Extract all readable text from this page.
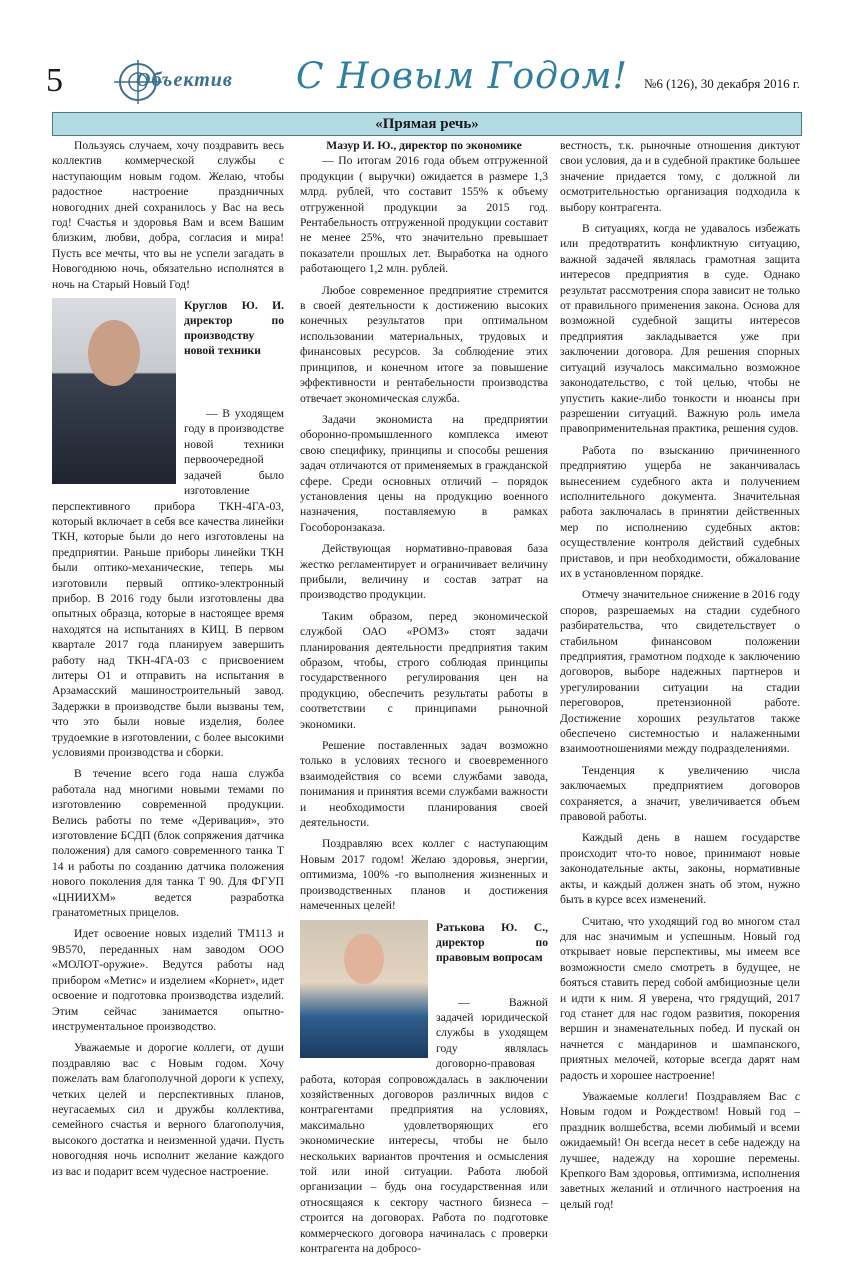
5	Объектив С Новым Годом! №6 (126), 30 декабря 2016 г.
«Прямая речь»

Пользуясь случаем, хочу поздравить весь коллектив коммерческой службы с наступающим новым годом. Желаю, чтобы радостное настроение праздничных новогодних дней сохранилось у Вас на весь год! Счастья и здоровья Вам и всем Вашим близким, любви, добра, согласия и мира! Пусть все мечты, что вы не успели загадать в Новогоднюю ночь, обязательно исполнятся в ночь на Старый Новый Год!

Круглов Ю. И. директор по производству новой техники

— В уходящем году в производстве новой техники первоочередной задачей было изготовление перспективного прибора ТКН-4ГА-03, который включает в себя все качества линейки ТКН, которые были до него изготовлены на предприятии. Раньше приборы линейки ТКН были оптико-механические, теперь мы изготовили первый оптико-электронный прибор. В 2016 году были изготовлены два опытных образца, которые в настоящее время находятся на испытаниях в КИЦ. В первом квартале 2017 года планируем завершить работу над ТКН-4ГА-03 с присвоением литеры О1 и отправить на испытания в Арзамасский машиностроительный завод. Задержки в производстве были вызваны тем, что это были новые изделия, более трудоемкие в изготовлении, с более высокими условиями производства и сборки.

В течение всего года наша служба работала над многими новыми темами по изготовлению современной продукции. Велись работы по теме «Деривация», это изготовление БСДП (блок сопряжения датчика положения) для самого современного танка Т 14 и работы по созданию датчика положения нового поколения для танка Т 90. Для ФГУП «ЦНИИХМ» ведется разработка гранатометных прицелов.

Идет освоение новых изделий ТМ113 и 9В570, переданных нам заводом ООО «МОЛОТ-оружие». Ведутся работы над прибором «Метис» и изделием «Корнет», идет освоение и подготовка производства изделий. Этим сейчас занимается опытно-инструментальное производство.

Уважаемые и дорогие коллеги, от души поздравляю вас с Новым годом. Хочу пожелать вам благополучной дороги к успеху, четких целей и перспективных планов, неугасаемых сил и дружбы коллектива, семейного счастья и верного благополучия, высокого достатка и неизменной удачи. Пусть новогодняя ночь исполнит желание каждого из вас и подарит всем чудесное настроение.

Мазур И. Ю., директор по экономике

— По итогам 2016 года объем отгруженной продукции ( выручки) ожидается в размере 1,3 млрд. рублей, что составит 155% к объему отгруженной продукции за 2015 год. Рентабельность отгруженной продукции составит не менее 25%, что значительно превышает показатели прошлых лет. Выработка на одного работающего 1,2 млн. рублей.

Любое современное предприятие стремится в своей деятельности к достижению высоких конечных результатов при оптимальном использовании материальных, трудовых и финансовых ресурсов. За соблюдение этих принципов, и конечном итоге за повышение эффективности и рентабельности производства отвечает экономическая служба.

Задачи экономиста на предприятии оборонно-промышленного комплекса имеют свою специфику, принципы и способы решения задач отличаются от применяемых в гражданской сфере. Среди основных отличий – порядок установления цены на продукцию военного назначения, поставляемую в рамках Гособоронзаказа.

Действующая нормативно-правовая база жестко регламентирует и ограничивает величину прибыли, величину и состав затрат на производство продукции.

Таким образом, перед экономической службой ОАО «РОМЗ» стоят задачи планирования деятельности предприятия таким образом, чтобы, строго соблюдая принципы государственного регулирования цен на продукцию, обеспечить результаты работы в соответствии с принципами рыночной экономики.

Решение поставленных задач возможно только в условиях тесного и своевременного взаимодействия со всеми службами завода, понимания и принятия всеми службами важности и необходимости планирования своей деятельности.

Поздравляю всех коллег с наступающим Новым 2017 годом! Желаю здоровья, энергии, оптимизма, 100% -го выполнения жизненных и производственных планов и достижения намеченных целей!

Ратькова Ю. С., директор по правовым вопросам

— Важной задачей юридической службы в уходящем году являлась договорно-правовая работа, которая сопровождалась в заключении хозяйственных договоров различных видов с контрагентами предприятия на условиях, максимально удовлетворяющих его экономические интересы, чтобы не было нескольких вариантов прочтения и осмысления той или иной ситуации. Работа любой организации – будь она государственная или относящаяся к сектору частного бизнеса – строится на договорах. Работа по подготовке коммерческого договора начиналась с проверки контрагента на добросо-

вестность, т.к. рыночные отношения диктуют свои условия, да и в судебной практике большее значение придается тому, с должной ли осмотрительностью организация подходила к выбору контрагента.

В ситуациях, когда не удавалось избежать или предотвратить конфликтную ситуацию, важной задачей являлась грамотная защита интересов предприятия в суде. Однако результат рассмотрения спора зависит не только от правильного применения закона. Основа для возможной судебной защиты интересов предприятия закладывается уже при заключении договора. Для решения спорных ситуаций изучалось максимально возможное законодательство, с той целью, чтобы не упустить какие-либо тонкости и нюансы при разрешении ситуаций. Важную роль имела правоприменительная практика, решения судов.

Работа по взысканию причиненного предприятию ущерба не заканчивалась вынесением судебного акта и получением исполнительного документа. Значительная работа заключалась в принятии действенных мер по исполнению судебных актов: осуществление контроля действий судебных приставов, и при необходимости, обжалование их в установленном порядке.

Отмечу значительное снижение в 2016 году споров, разрешаемых на стадии судебного разбирательства, что свидетельствует о стабильном финансовом положении предприятия, грамотном подходе к заключению договоров, выборе надежных партнеров и урегулировании ситуации на стадии переговоров, претензионной работе. Достижение хороших результатов также обеспечено системностью и налаженными взаимоотношениями между подразделениями.

Тенденция к увеличению числа заключаемых предприятием договоров сохраняется, а значит, увеличивается объем правовой работы.

Каждый день в нашем государстве происходит что-то новое, принимают новые законодательные акты, законы, нормативные акты, и каждый должен знать об этом, нужно быть в курсе всех изменений.

Считаю, что уходящий год во многом стал для нас значимым и успешным. Новый год открывает новые перспективы, мы имеем все возможности смело смотреть в будущее, не бояться ставить перед собой амбициозные цели и идти к ним. Я уверена, что грядущий, 2017 год станет для нас годом развития, покорения вершин и знаменательных побед. И пускай он начнется с мандаринов и шампанского, приятных мелочей, которые всегда дарят нам радость и хорошее настроение!

Уважаемые коллеги! Поздравляем Вас с Новым годом и Рождеством! Новый год – праздник волшебства, всеми любимый и всеми ожидаемый! Он всегда несет в себе надежду на лучшее, надежду на хорошие перемены. Крепкого Вам здоровья, оптимизма, исполнения заветных желаний и отличного настроения на целый год!
